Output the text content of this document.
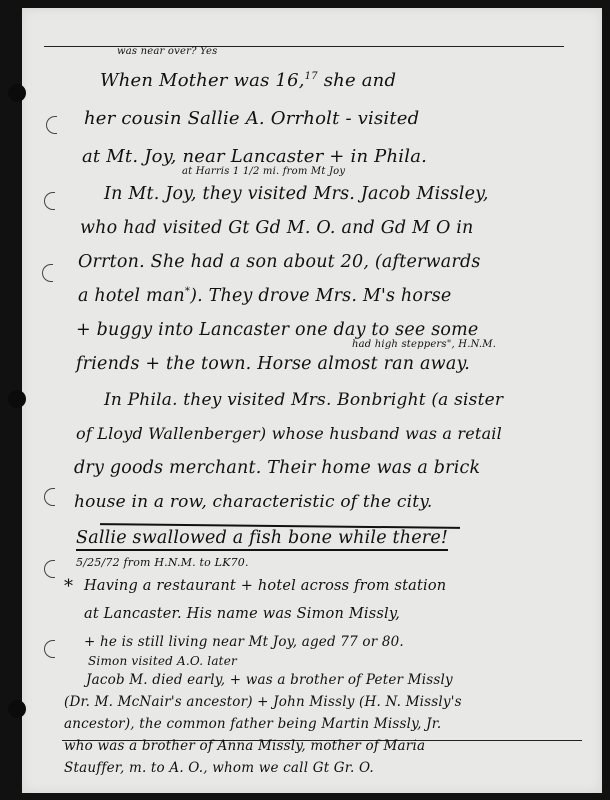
was near over? Yes
When Mother was 16,17 she and
her cousin Sallie A. Orrholt - visited
at Mt. Joy, near Lancaster + in Phila.
at Harris 1 1/2 mi. from Mt Joy
In Mt. Joy, they visited Mrs. Jacob Missley,
who had visited Gt Gd M. O. and Gd M O in
Orrton. She had a son about 20, (afterwards
a hotel man*). They drove Mrs. M's horse
+ buggy into Lancaster one day to see some
had high steppers", H.N.M.
friends + the town. Horse almost ran away.
In Phila. they visited Mrs. Bonbright (a sister
of Lloyd Wallenberger) whose husband was a retail
dry goods merchant. Their home was a brick
house in a row, characteristic of the city.
Sallie swallowed a fish bone while there!
5/25/72 from H.N.M. to LK70.
* Having a restaurant + hotel across from station
at Lancaster. His name was Simon Missly,
+ he is still living near Mt Joy, aged 77 or 80.
Simon visited A.O. later
Jacob M. died early, + was a brother of Peter Missly
(Dr. M. McNair's ancestor) + John Missly (H. N. Missly's
ancestor), the common father being Martin Missly, Jr.
who was a brother of Anna Missly, mother of Maria
Stauffer, m. to A. O., whom we call Gt Gr. O.
